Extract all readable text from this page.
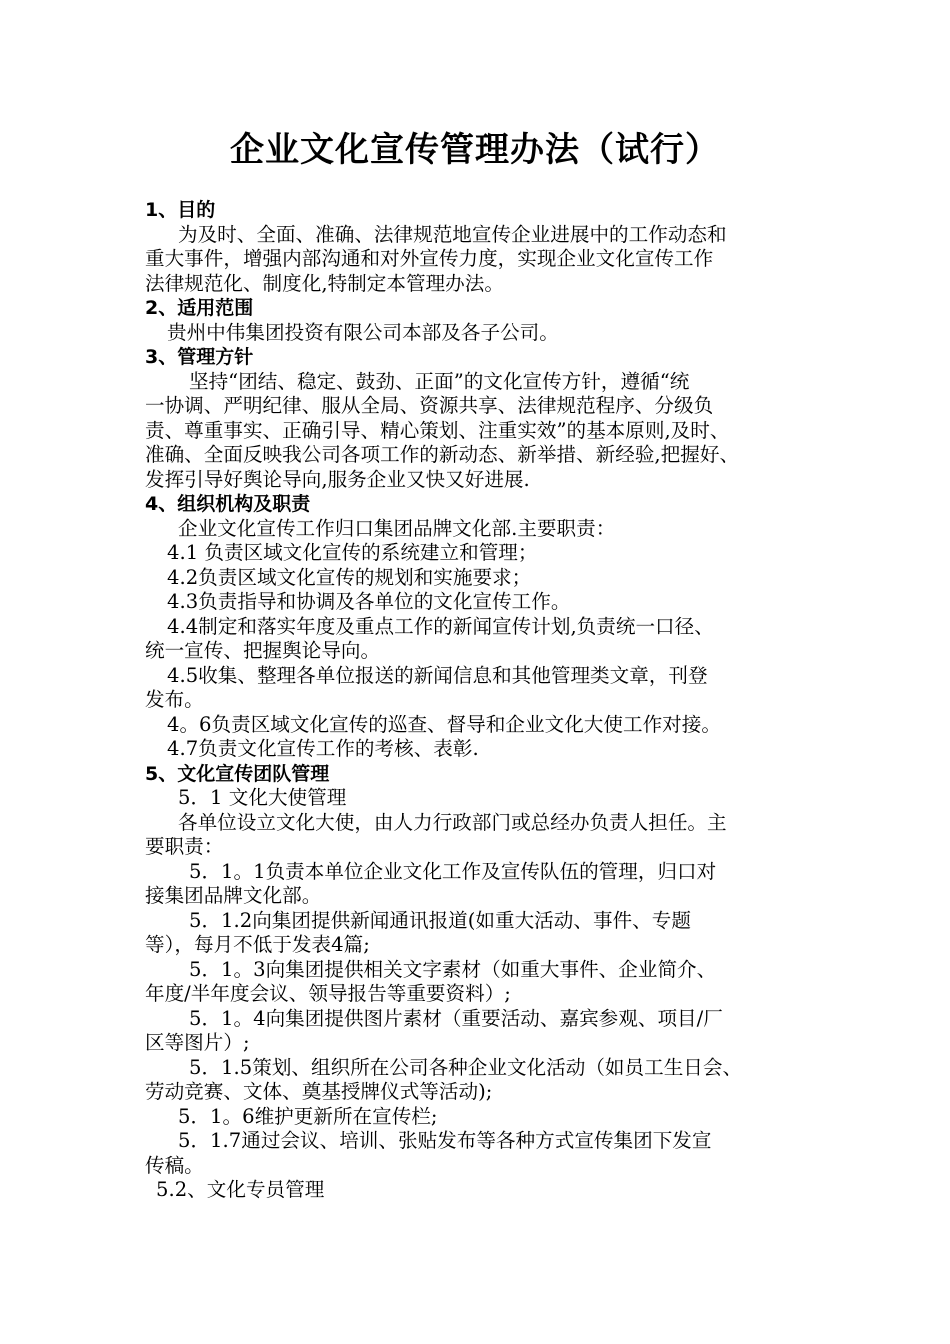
企业文化宣传管理办法（试行）
1、目的
为及时、全面、准确、法律规范地宣传企业进展中的工作动态和
重大事件，增强内部沟通和对外宣传力度，实现企业文化宣传工作
法律规范化、制度化,特制定本管理办法。
2、适用范围
贵州中伟集团投资有限公司本部及各子公司。
3、管理方针
坚持“团结、稳定、鼓劲、正面”的文化宣传方针，遵循“统
一协调、严明纪律、服从全局、资源共享、法律规范程序、分级负
责、尊重事实、正确引导、精心策划、注重实效”的基本原则,及时、
准确、全面反映我公司各项工作的新动态、新举措、新经验,把握好、
发挥引导好舆论导向,服务企业又快又好进展.
4、组织机构及职责
企业文化宣传工作归口集团品牌文化部.主要职责：
4.1 负责区域文化宣传的系统建立和管理；
4.2负责区域文化宣传的规划和实施要求；
4.3负责指导和协调及各单位的文化宣传工作。
4.4制定和落实年度及重点工作的新闻宣传计划,负责统一口径、
统一宣传、把握舆论导向。
4.5收集、整理各单位报送的新闻信息和其他管理类文章，刊登
发布。
4。6负责区域文化宣传的巡查、督导和企业文化大使工作对接。
4.7负责文化宣传工作的考核、表彰.
5、文化宣传团队管理
5．1 文化大使管理
各单位设立文化大使，由人力行政部门或总经办负责人担任。主
要职责：
5．1。1负责本单位企业文化工作及宣传队伍的管理，归口对
接集团品牌文化部。
5．1.2向集团提供新闻通讯报道(如重大活动、事件、专题
等），每月不低于发表4篇;
5．1。3向集团提供相关文字素材（如重大事件、企业简介、
年度/半年度会议、领导报告等重要资料）;
5．1。4向集团提供图片素材（重要活动、嘉宾参观、项目/厂
区等图片）;
5．1.5策划、组织所在公司各种企业文化活动（如员工生日会、
劳动竞赛、文体、奠基授牌仪式等活动);
5．1。6维护更新所在宣传栏;
5．1.7通过会议、培训、张贴发布等各种方式宣传集团下发宣
传稿。
5.2、文化专员管理
